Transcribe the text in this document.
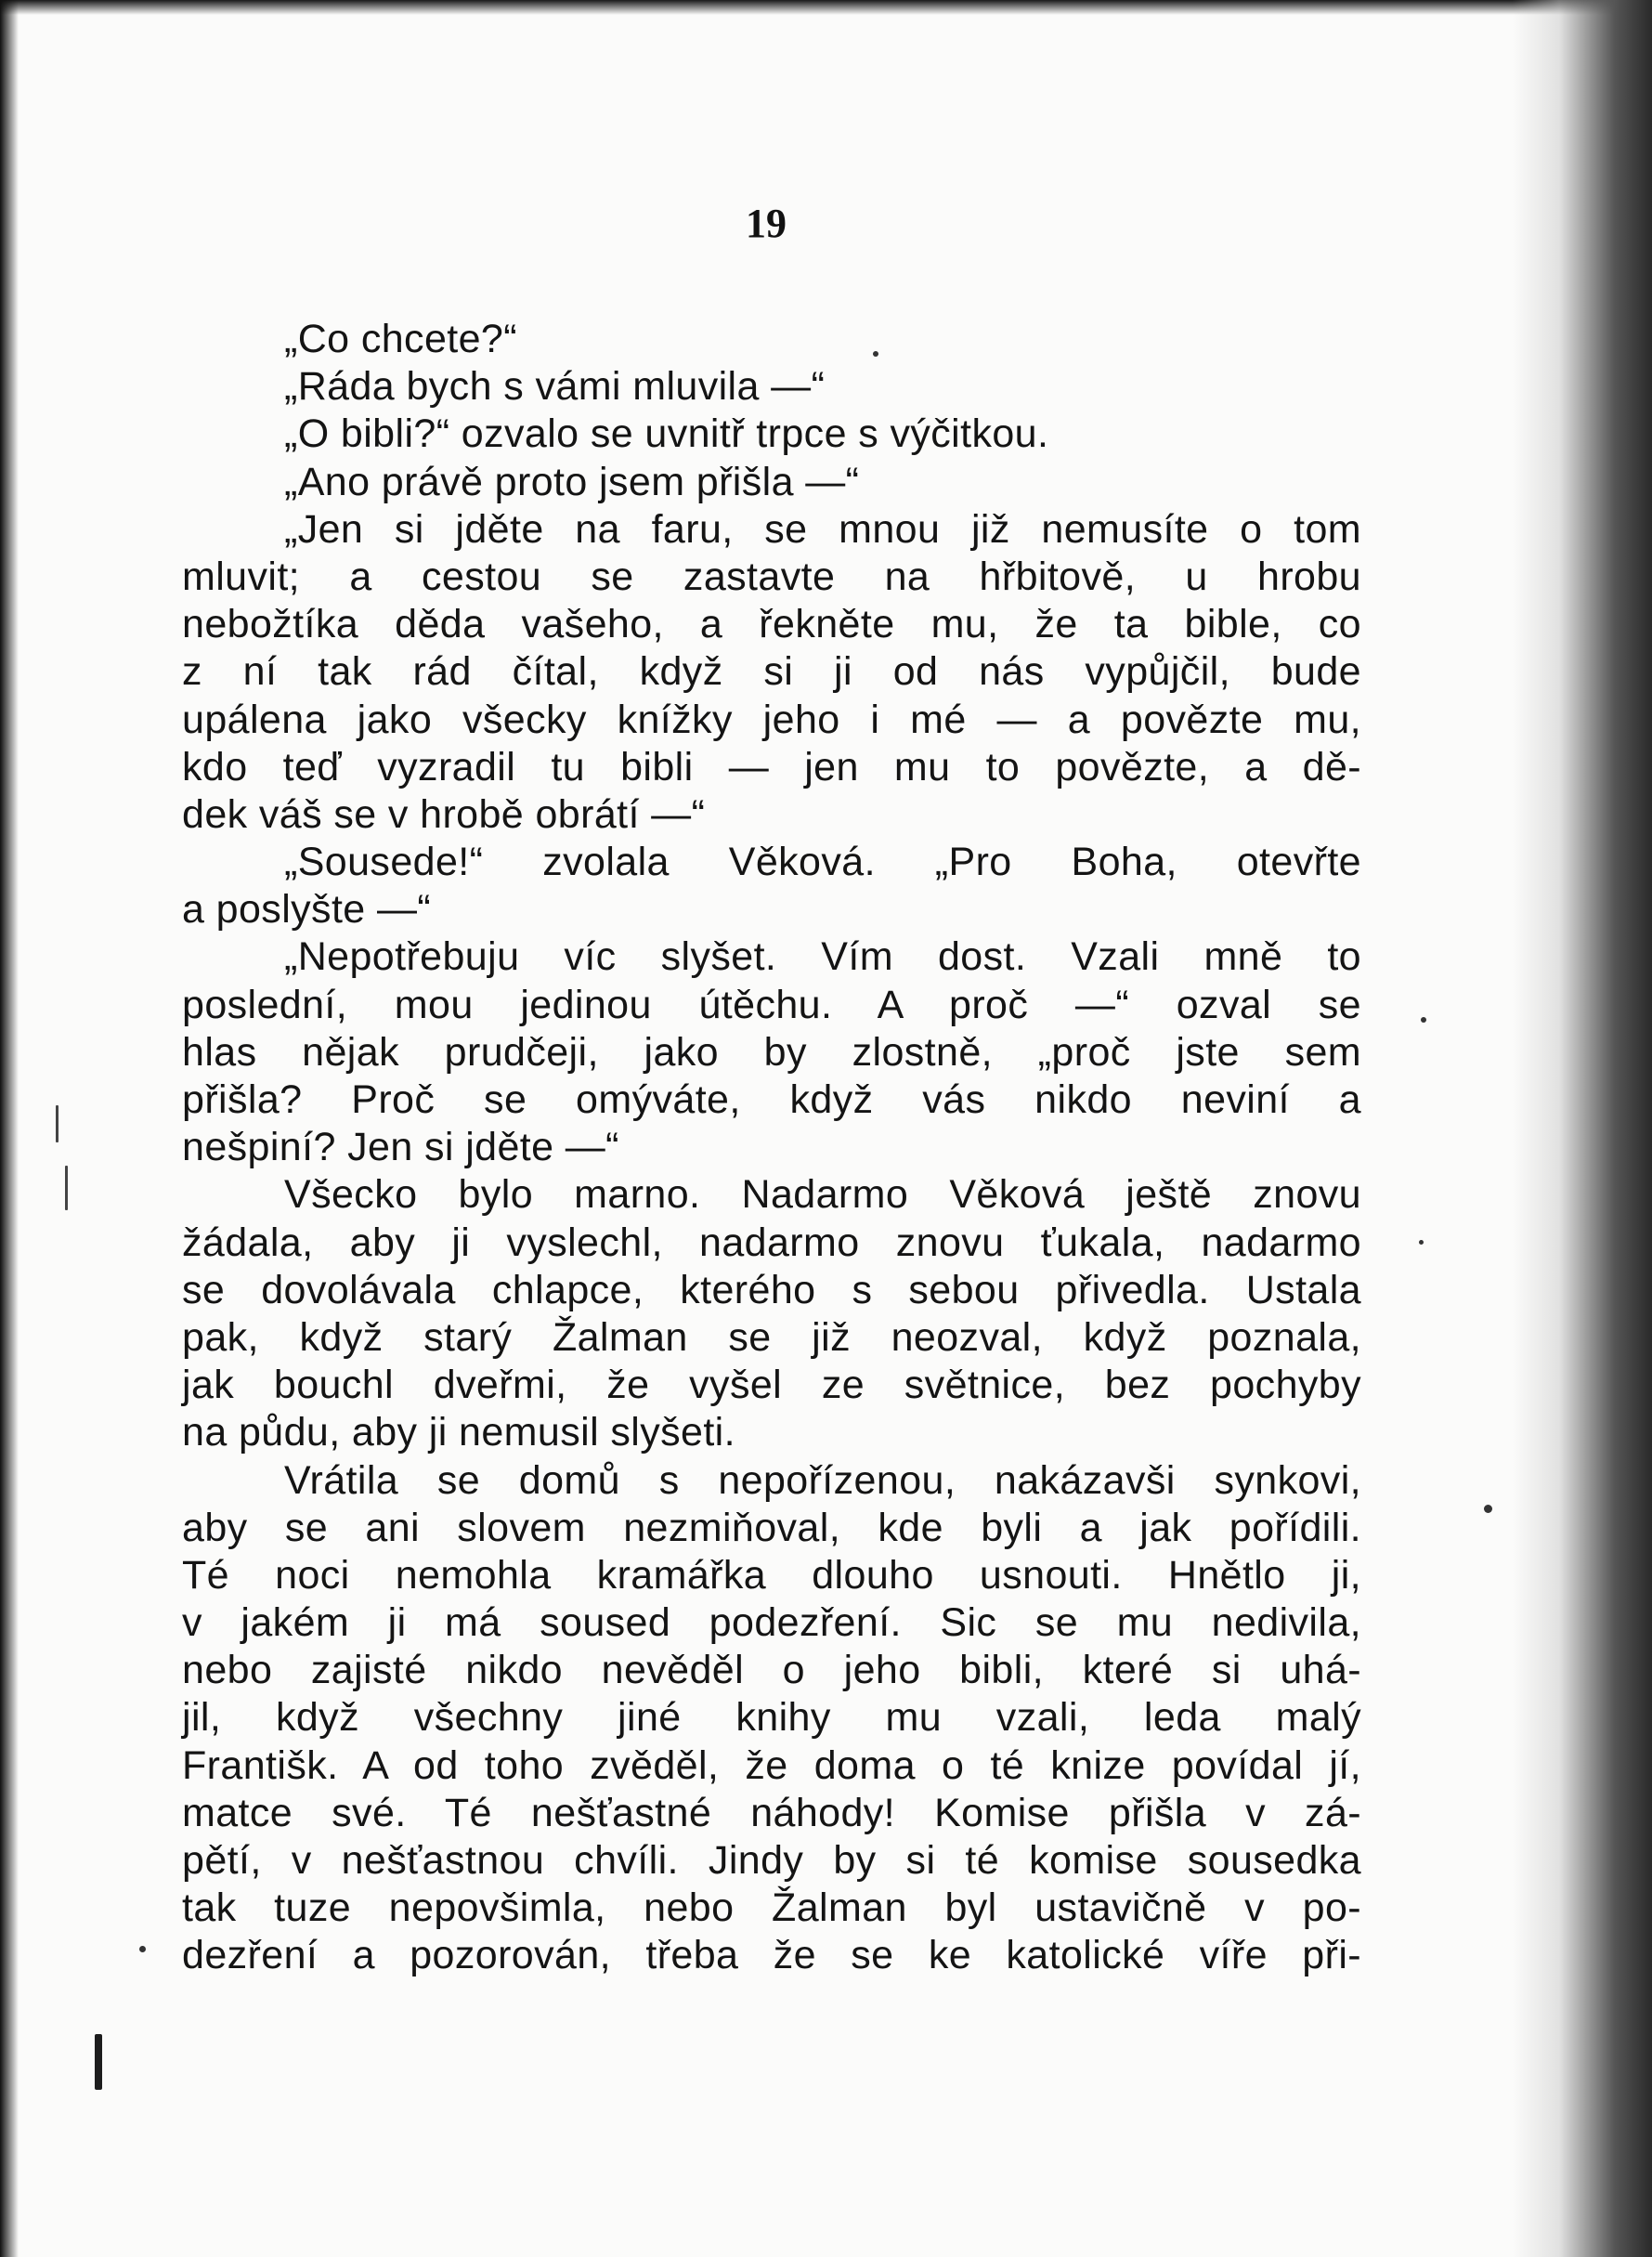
19
„Co chcete?“
„Ráda bych s vámi mluvila —“
„O bibli?“ ozvalo se uvnitř trpce s výčitkou.
„Ano právě proto jsem přišla —“
„Jen si jděte na faru, se mnou již nemusíte o tom
mluvit; a cestou se zastavte na hřbitově, u hrobu
nebožtíka děda vašeho, a řekněte mu, že ta bible, co
z ní tak rád čítal, když si ji od nás vypůjčil, bude
upálena jako všecky knížky jeho i mé — a povězte mu,
kdo teď vyzradil tu bibli — jen mu to povězte, a dě-
dek váš se v hrobě obrátí —“
„Sousede!“ zvolala Věková. „Pro Boha, otevřte
a poslyšte —“
„Nepotřebuju víc slyšet. Vím dost. Vzali mně to
poslední, mou jedinou útěchu. A proč —“ ozval se
hlas nějak prudčeji, jako by zlostně, „proč jste sem
přišla? Proč se omýváte, když vás nikdo neviní a
nešpiní? Jen si jděte —“
Všecko bylo marno. Nadarmo Věková ještě znovu
žádala, aby ji vyslechl, nadarmo znovu ťukala, nadarmo
se dovolávala chlapce, kterého s sebou přivedla. Ustala
pak, když starý Žalman se již neozval, když poznala,
jak bouchl dveřmi, že vyšel ze světnice, bez pochyby
na půdu, aby ji nemusil slyšeti.
Vrátila se domů s nepořízenou, nakázavši synkovi,
aby se ani slovem nezmiňoval, kde byli a jak pořídili.
Té noci nemohla kramářka dlouho usnouti. Hnětlo ji,
v jakém ji má soused podezření. Sic se mu nedivila,
nebo zajisté nikdo nevěděl o jeho bibli, které si uhá-
jil, když všechny jiné knihy mu vzali, leda malý
Františk. A od toho zvěděl, že doma o té knize povídal jí,
matce své. Té nešťastné náhody! Komise přišla v zá-
pětí, v nešťastnou chvíli. Jindy by si té komise sousedka
tak tuze nepovšimla, nebo Žalman byl ustavičně v po-
dezření a pozorován, třeba že se ke katolické víře při-
